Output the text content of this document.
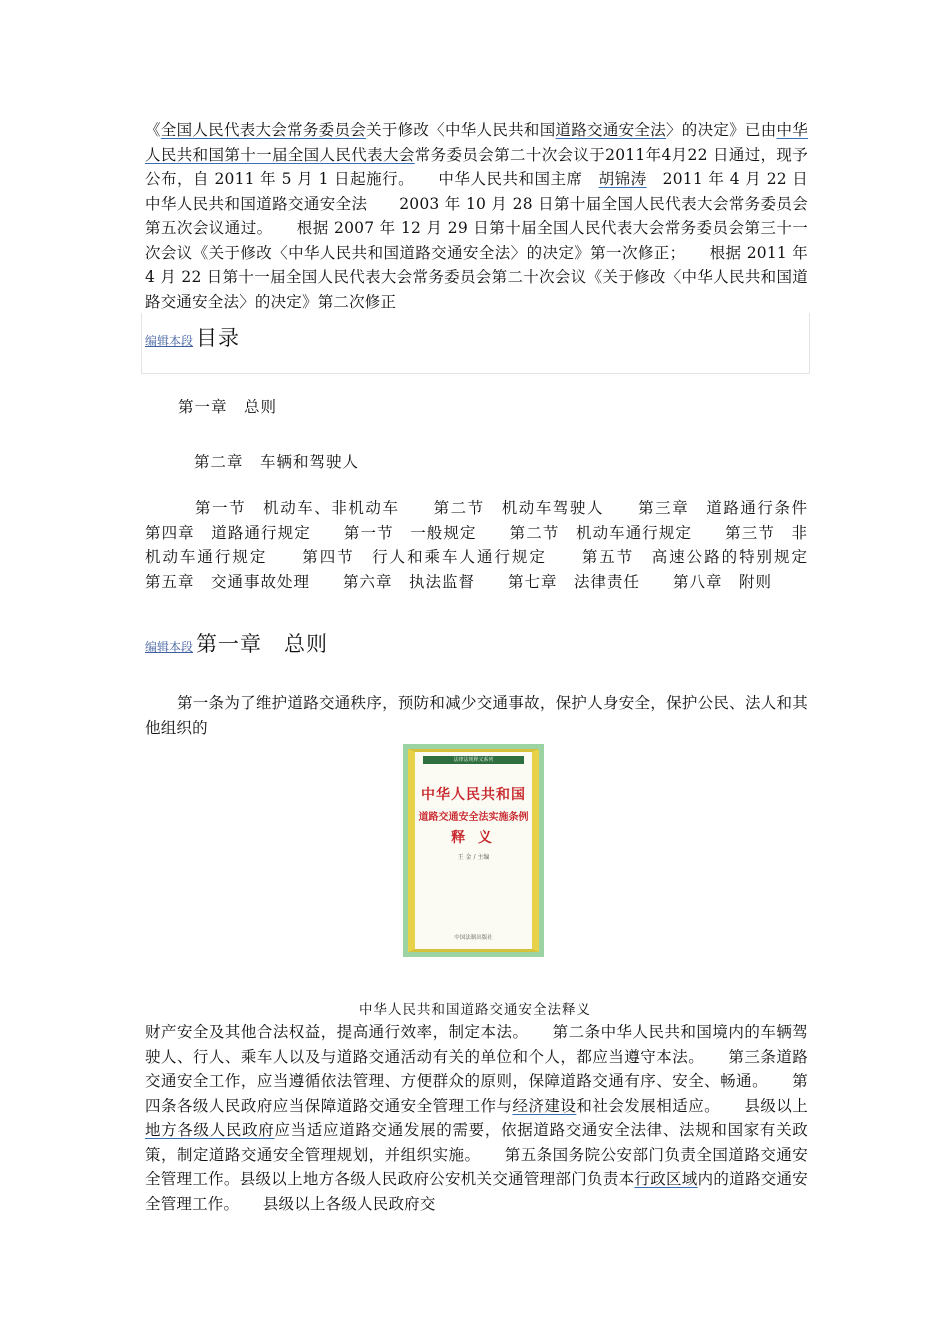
《全国人民代表大会常务委员会关于修改〈中华人民共和国道路交通安全法〉的决定》已由中华人民共和国第十一届全国人民代表大会常务委员会第二十次会议于2011年4月22 日通过，现予公布，自 2011 年 5 月 1 日起施行。　　中华人民共和国主席　胡锦涛　2011 年 4 月 22 日　　中华人民共和国道路交通安全法　　2003 年 10 月 28 日第十届全国人民代表大会常务委员会第五次会议通过。　　根据 2007 年 12 月 29 日第十届全国人民代表大会常务委员会第三十一次会议《关于修改〈中华人民共和国道路交通安全法〉的决定》第一次修正；　　根据 2011 年 4 月 22 日第十一届全国人民代表大会常务委员会第二十次会议《关于修改〈中华人民共和国道路交通安全法〉的决定》第二次修正
编辑本段 目录
第一章　总则
第二章　车辆和驾驶人
第一节　机动车、非机动车　　第二节　机动车驾驶人　　第三章　道路通行条件　　第四章　道路通行规定　　第一节　一般规定　　第二节　机动车通行规定　　第三节　非机动车通行规定　　第四节　行人和乘车人通行规定　　第五节　高速公路的特别规定　　第五章　交通事故处理　　第六章　执法监督　　第七章　法律责任　　第八章　附则
编辑本段 第一章　总则
第一条为了维护道路交通秩序，预防和减少交通事故，保护人身安全，保护公民、法人和其他组织的
法律法规释义系列
中华人民共和国
道路交通安全法实施条例
释 义
王 金 / 主编
中国法制出版社
中华人民共和国道路交通安全法释义
财产安全及其他合法权益，提高通行效率，制定本法。　　第二条中华人民共和国境内的车辆驾驶人、行人、乘车人以及与道路交通活动有关的单位和个人，都应当遵守本法。　　第三条道路交通安全工作，应当遵循依法管理、方便群众的原则，保障道路交通有序、安全、畅通。　　第四条各级人民政府应当保障道路交通安全管理工作与经济建设和社会发展相适应。　　县级以上地方各级人民政府应当适应道路交通发展的需要，依据道路交通安全法律、法规和国家有关政策，制定道路交通安全管理规划，并组织实施。　　第五条国务院公安部门负责全国道路交通安全管理工作。县级以上地方各级人民政府公安机关交通管理部门负责本行政区域内的道路交通安全管理工作。　　县级以上各级人民政府交
